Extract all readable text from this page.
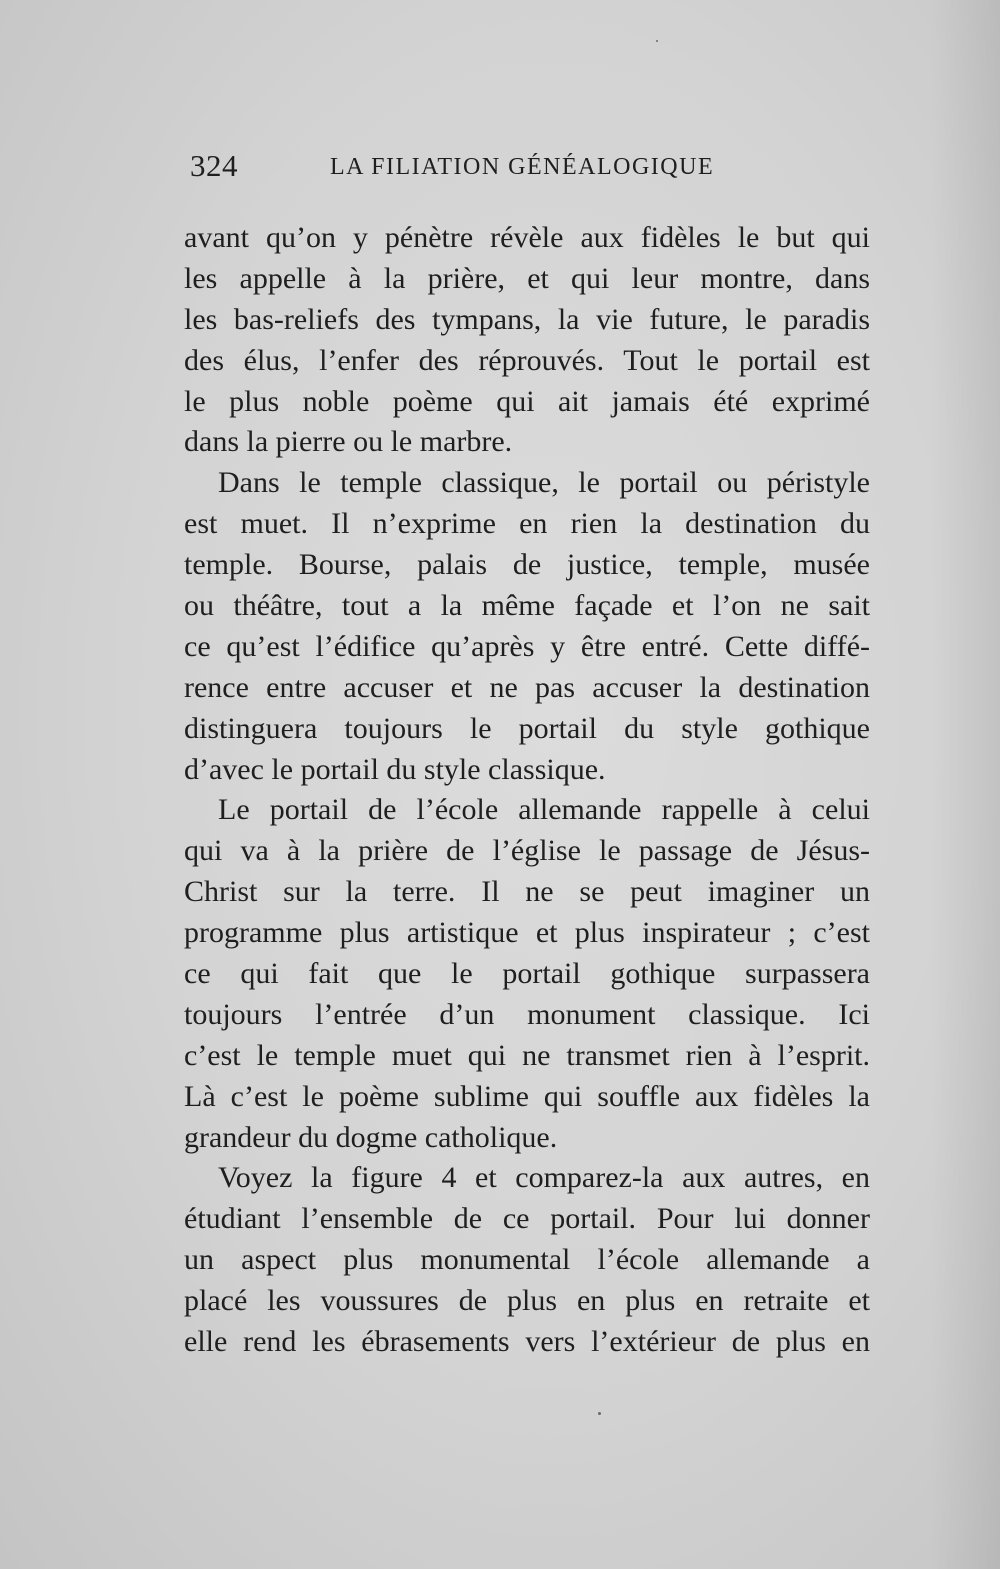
324	LA FILIATION GÉNÉALOGIQUE
avant qu’on y pénètre révèle aux fidèles le but qui
les appelle à la prière, et qui leur montre, dans
les bas-reliefs des tympans, la vie future, le paradis
des élus, l’enfer des réprouvés. Tout le portail est
le plus noble poème qui ait jamais été exprimé
dans la pierre ou le marbre.
Dans le temple classique, le portail ou péristyle
est muet. Il n’exprime en rien la destination du
temple. Bourse, palais de justice, temple, musée
ou théâtre, tout a la même façade et l’on ne sait
ce qu’est l’édifice qu’après y être entré. Cette diffé-
rence entre accuser et ne pas accuser la destination
distinguera toujours le portail du style gothique
d’avec le portail du style classique.
Le portail de l’école allemande rappelle à celui
qui va à la prière de l’église le passage de Jésus-
Christ sur la terre. Il ne se peut imaginer un
programme plus artistique et plus inspirateur ; c’est
ce qui fait que le portail gothique surpassera
toujours l’entrée d’un monument classique. Ici
c’est le temple muet qui ne transmet rien à l’esprit.
Là c’est le poème sublime qui souffle aux fidèles la
grandeur du dogme catholique.
Voyez la figure 4 et comparez-la aux autres, en
étudiant l’ensemble de ce portail. Pour lui donner
un aspect plus monumental l’école allemande a
placé les voussures de plus en plus en retraite et
elle rend les ébrasements vers l’extérieur de plus en
